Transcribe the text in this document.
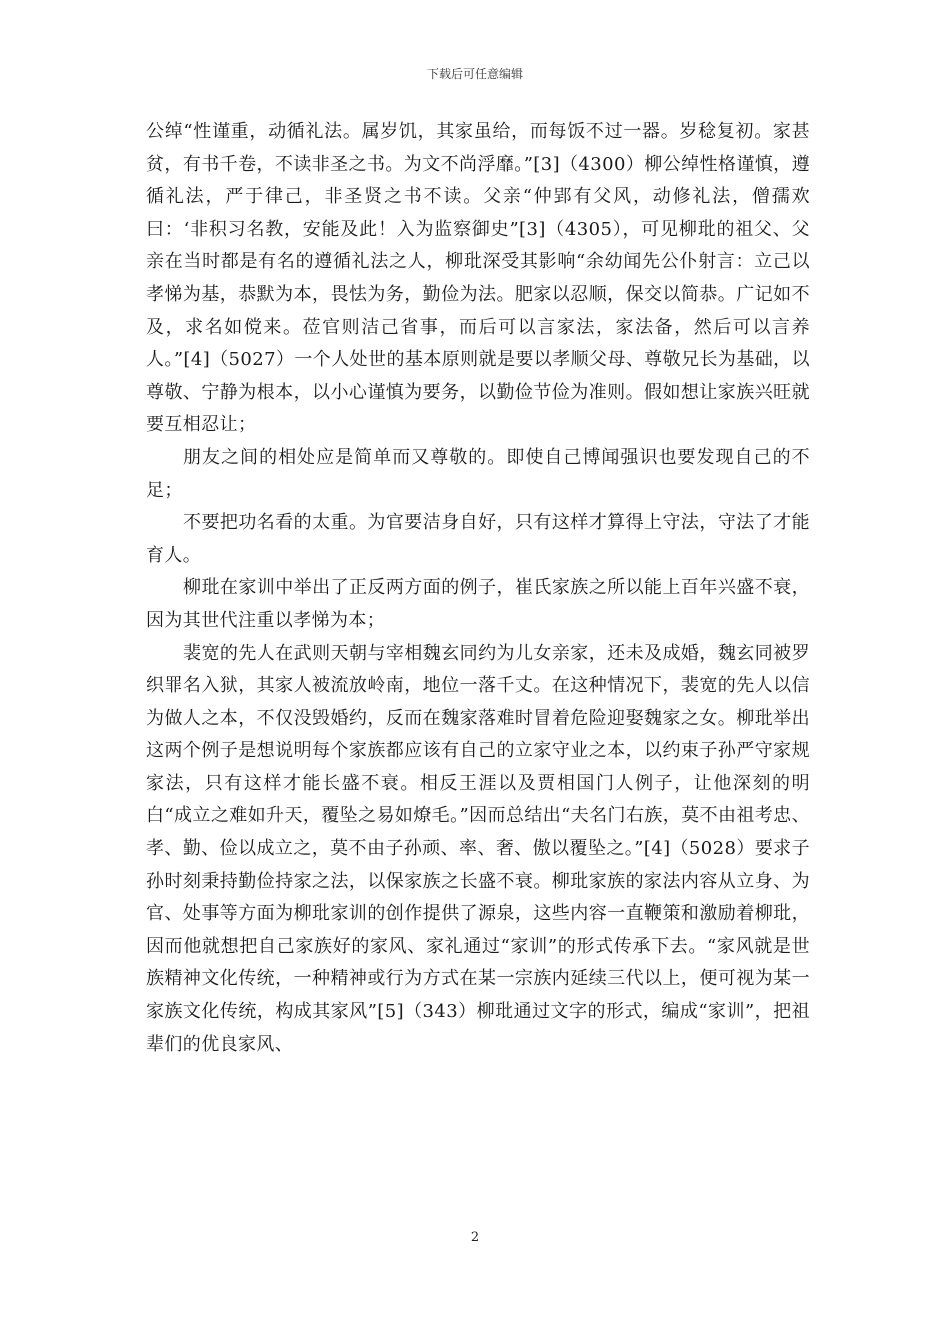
下载后可任意编辑

公绰“性谨重，动循礼法。属岁饥，其家虽给，而每饭不过一器。岁稔复初。家甚贫，有书千卷，不读非圣之书。为文不尚浮靡。”[3]（4300）柳公绰性格谨慎，遵循礼法，严于律己，非圣贤之书不读。父亲“仲郢有父风，动修礼法，僧孺欢曰：‘非积习名教，安能及此！入为监察御史”[3]（4305），可见柳玭的祖父、父亲在当时都是有名的遵循礼法之人，柳玭深受其影响“余幼闻先公仆射言：立己以孝悌为基，恭默为本，畏怯为务，勤俭为法。肥家以忍顺，保交以简恭。广记如不及，求名如傥来。莅官则洁己省事，而后可以言家法，家法备，然后可以言养人。”[4]（5027）一个人处世的基本原则就是要以孝顺父母、尊敬兄长为基础，以尊敬、宁静为根本，以小心谨慎为要务，以勤俭节俭为准则。假如想让家族兴旺就要互相忍让；

朋友之间的相处应是简单而又尊敬的。即使自己博闻强识也要发现自己的不足；

不要把功名看的太重。为官要洁身自好，只有这样才算得上守法，守法了才能育人。

柳玭在家训中举出了正反两方面的例子，崔氏家族之所以能上百年兴盛不衰，因为其世代注重以孝悌为本；

裴宽的先人在武则天朝与宰相魏玄同约为儿女亲家，还未及成婚，魏玄同被罗织罪名入狱，其家人被流放岭南，地位一落千丈。在这种情况下，裴宽的先人以信为做人之本，不仅没毁婚约，反而在魏家落难时冒着危险迎娶魏家之女。柳玭举出这两个例子是想说明每个家族都应该有自己的立家守业之本，以约束子孙严守家规家法，只有这样才能长盛不衰。相反王涯以及贾相国门人例子，让他深刻的明白“成立之难如升天，覆坠之易如燎毛。”因而总结出“夫名门右族，莫不由祖考忠、孝、勤、俭以成立之，莫不由子孙顽、率、奢、傲以覆坠之。”[4]（5028）要求子孙时刻秉持勤俭持家之法，以保家族之长盛不衰。柳玭家族的家法内容从立身、为官、处事等方面为柳玭家训的创作提供了源泉，这些内容一直鞭策和激励着柳玭，因而他就想把自己家族好的家风、家礼通过“家训”的形式传承下去。“家风就是世族精神文化传统，一种精神或行为方式在某一宗族内延续三代以上，便可视为某一家族文化传统，构成其家风”[5]（343）柳玭通过文字的形式，编成“家训”，把祖辈们的优良家风、

2
